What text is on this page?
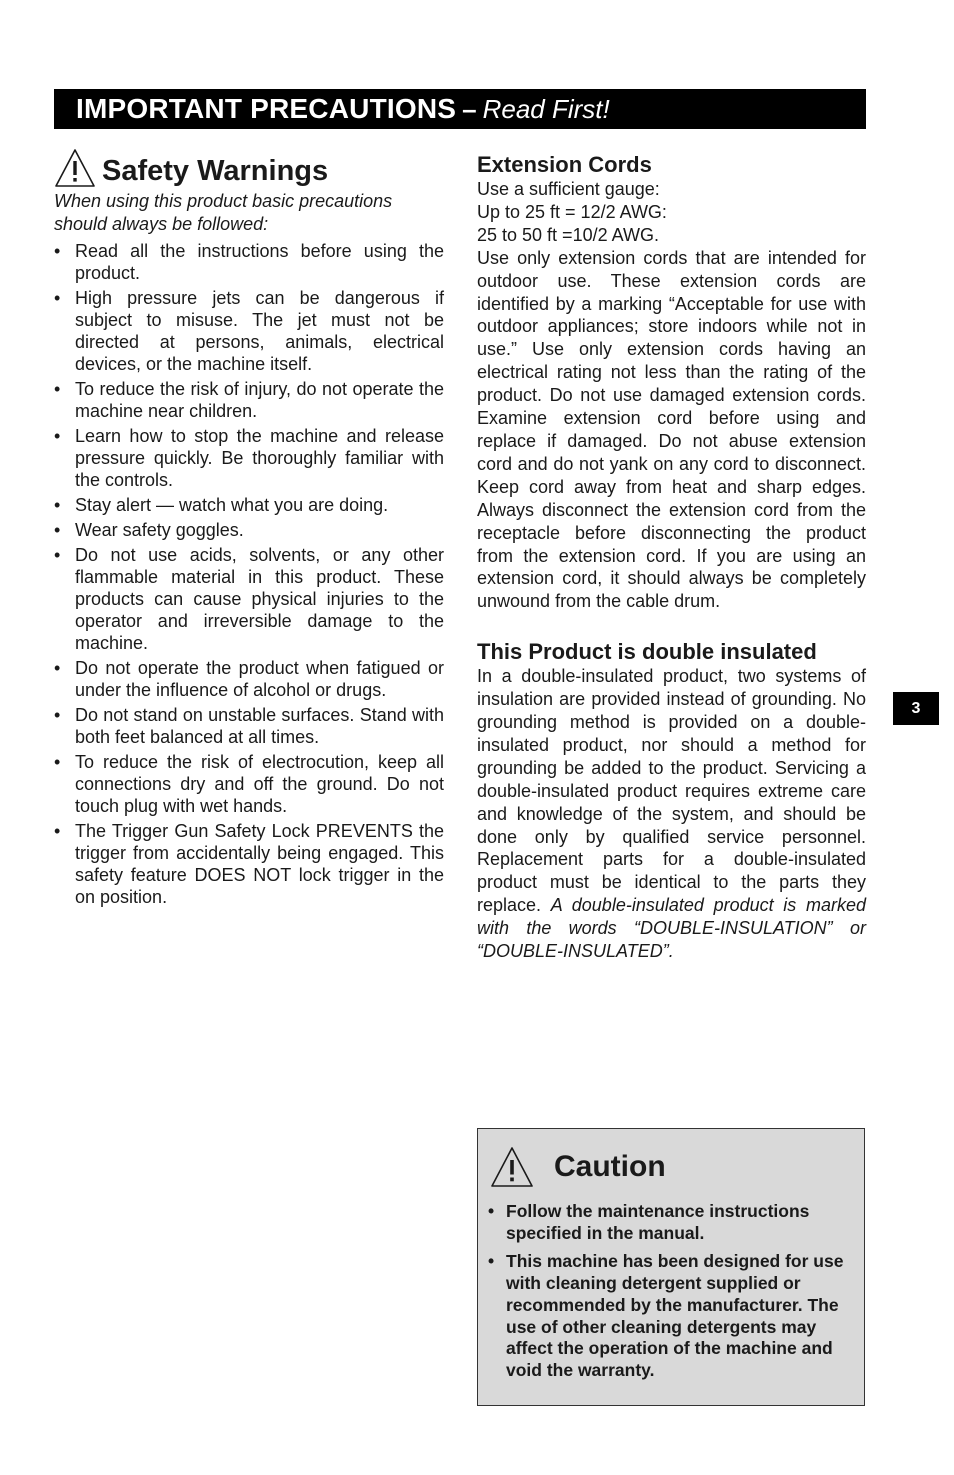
IMPORTANT PRECAUTIONS – Read First!
Safety Warnings
When using this product basic precautions should always be followed:
• Read all the instructions before using the product.
• High pressure jets can be dangerous if subject to misuse. The jet must not be directed at persons, animals, electrical devices, or the machine itself.
• To reduce the risk of injury, do not operate the machine near children.
• Learn how to stop the machine and release pressure quickly. Be thoroughly familiar with the controls.
• Stay alert — watch what you are doing.
• Wear safety goggles.
• Do not use acids, solvents, or any other flammable material in this product. These products can cause physical injuries to the operator and irreversible damage to the machine.
• Do not operate the product when fatigued or under the influence of alcohol or drugs.
• Do not stand on unstable surfaces. Stand with both feet balanced at all times.
• To reduce the risk of electrocution, keep all connections dry and off the ground. Do not touch plug with wet hands.
• The Trigger Gun Safety Lock PREVENTS the trigger from accidentally being engaged. This safety feature DOES NOT lock trigger in the on position.
Extension Cords

Use a sufficient gauge:

Up to 25 ft = 12/2 AWG:

25 to 50 ft =10/2 AWG.

Use only extension cords that are intended for outdoor use. These extension cords are identified by a marking “Acceptable for use with outdoor appliances; store indoors while not in use.” Use only extension cords having an electrical rating not less than the rating of the product. Do not use damaged extension cords. Examine extension cord before using and replace if damaged. Do not abuse extension cord and do not yank on any cord to disconnect. Keep cord away from heat and sharp edges. Always disconnect the extension cord from the receptacle before disconnecting the product from the extension cord. If you are using an extension cord, it should always be completely unwound from the cable drum.

This Product is double insulated

In a double-insulated product, two systems of insulation are provided instead of grounding. No grounding method is provided on a double-insulated product, nor should a method for grounding be added to the product. Servicing a double-insulated product requires extreme care and knowledge of the system, and should be done only by qualified service personnel. Replacement parts for a double-insulated product must be identical to the parts they replace. A double-insulated product is marked with the words “DOUBLE-INSULATION” or “DOUBLE-INSULATED”.

3
Caution
• Follow the maintenance instructions specified in the manual.
• This machine has been designed for use with cleaning detergent supplied or recommended by the manufacturer. The use of other cleaning detergents may affect the operation of the machine and void the warranty.
